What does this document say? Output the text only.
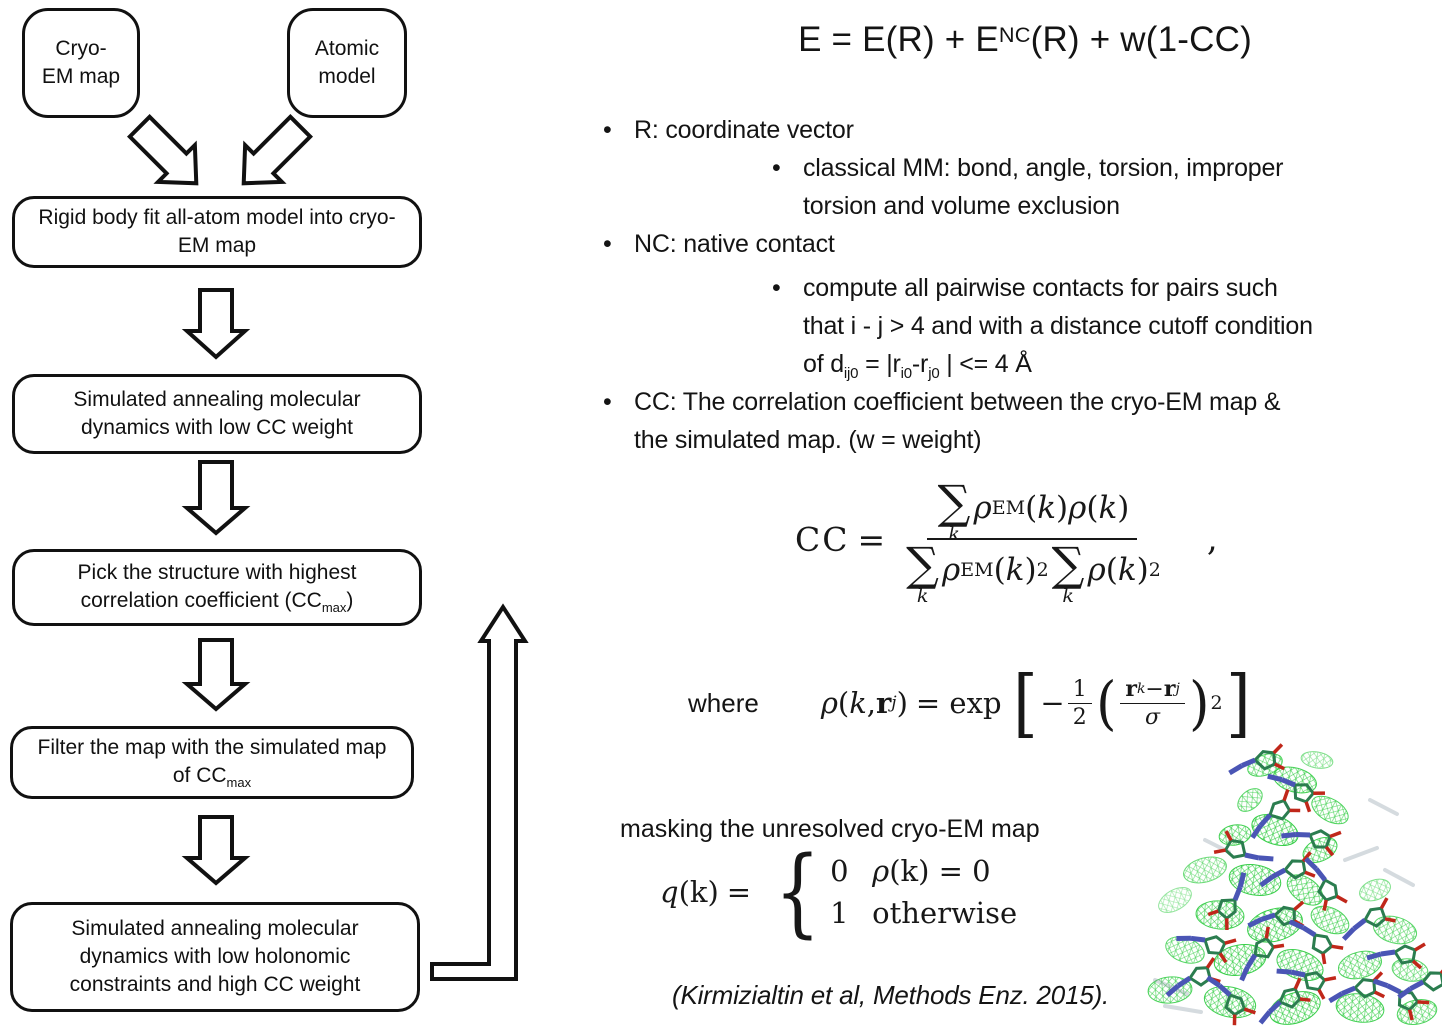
Cryo-
EM map
Atomic
model
Rigid body fit all-atom model into cryo-
EM map
Simulated annealing molecular
dynamics with low CC weight
Pick the structure with highest
correlation coefficient $(CC_{max})$
Filter the map with the simulated map
of $CC_{max}$
Simulated annealing molecular
dynamics with low holonomic
constraints and high CC weight
$E = E(R) + E^{NC}(R) + w(1-CC)$
• R: coordinate vector
• classical MM: bond, angle, torsion, improper
torsion and volume exclusion
• NC: native contact
• compute all pairwise contacts for pairs such
that i - j > 4 and with a distance cutoff condition
of $d_{ij0} = |r_{i0}-r_{j0}$ | <= 4 Å
• CC: The correlation coefficient between the cryo-EM map &
the simulated map. (w = weight)
CC = ∑
k
ρ EM ( k ) ρ ( k )
∑
k
ρ EM ( k ) 2 ∑
k
ρ ( k ) 2 ,
where ρ ( k , r j ) = exp [ − $\frac{1}{2}$ ( $\frac{\text{r k − r j}}{\sigma}$ ) 2 ]
masking the unresolved cryo-EM map
q (k) = { 0 ρ(k) = 0
1 otherwise
(Kirmizialtin et al, Methods Enz. 2015).
